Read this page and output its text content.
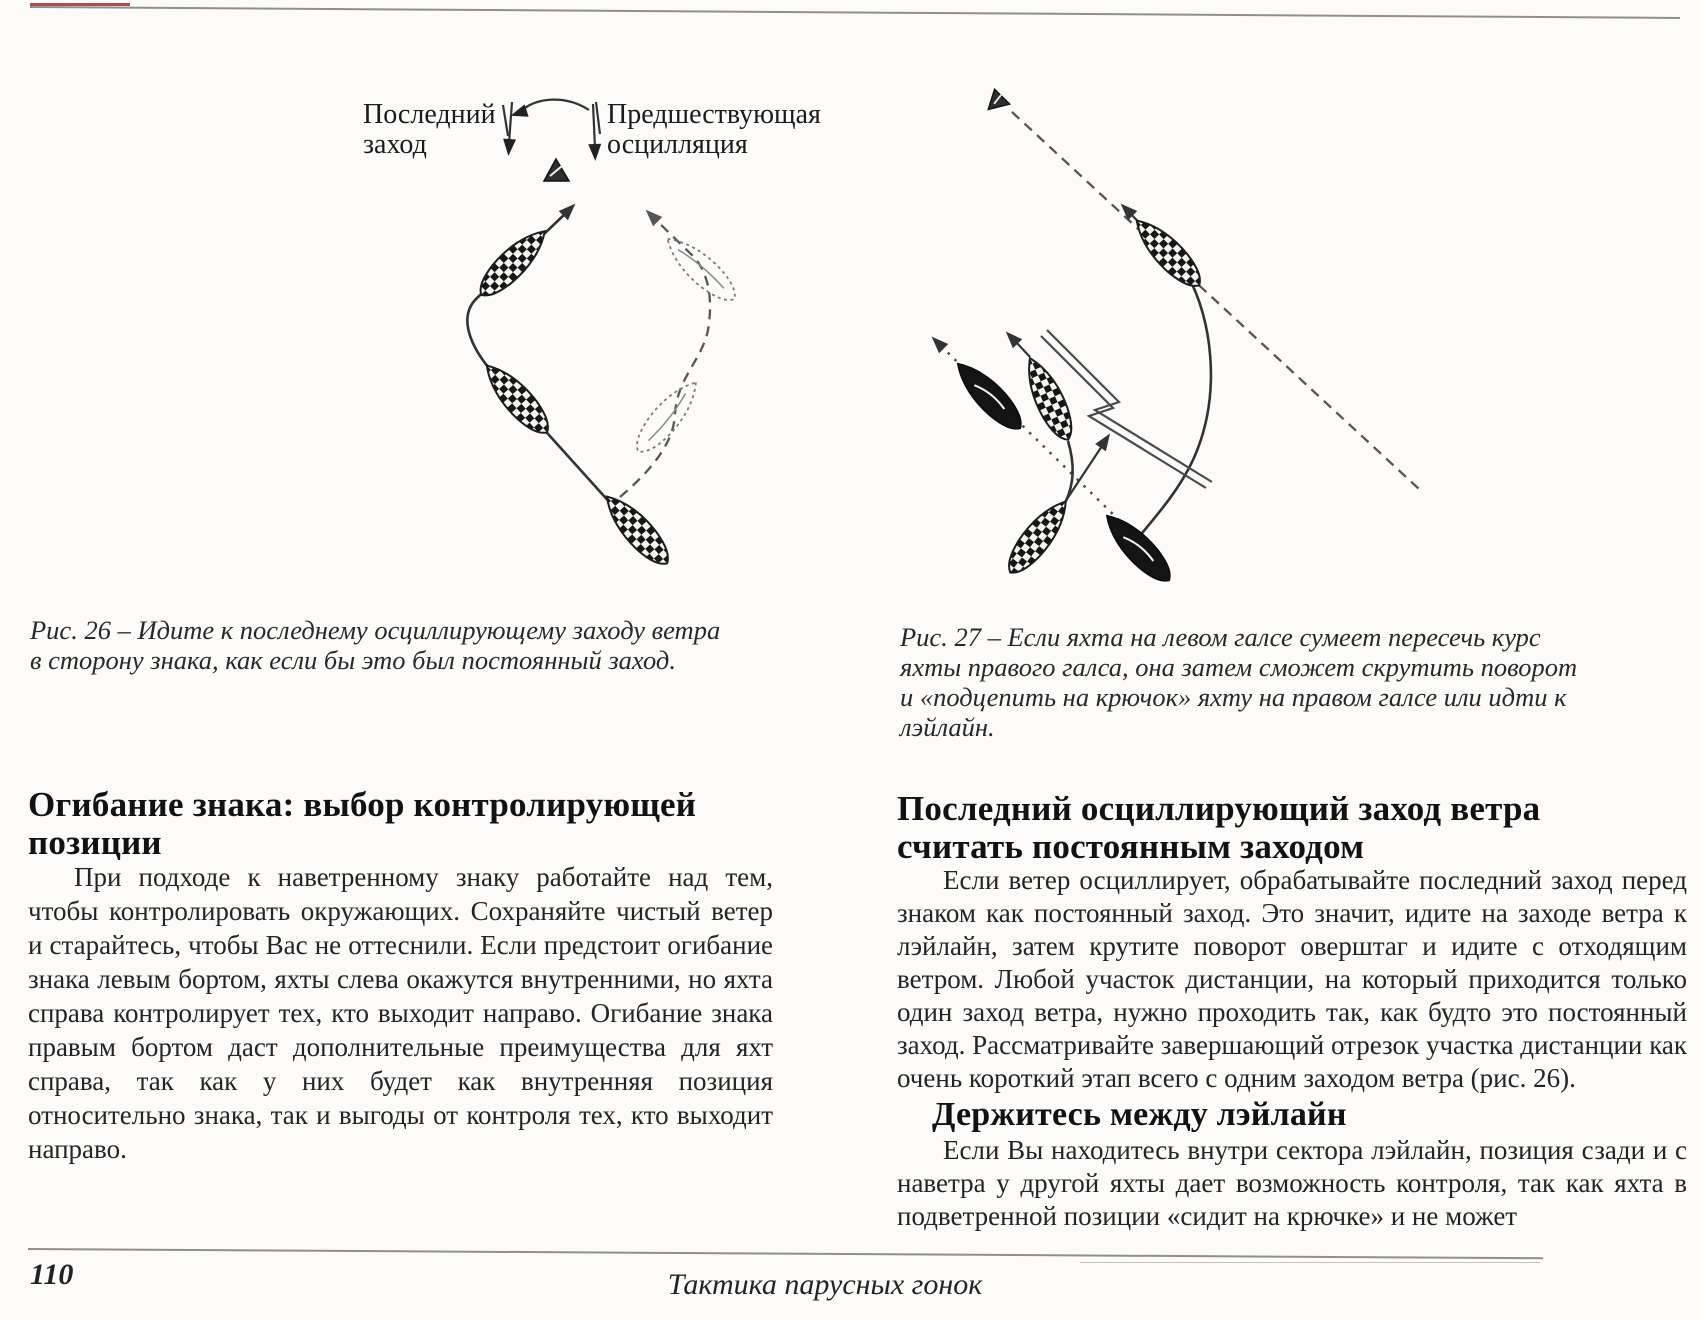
Последний
заход
Предшествующая
осцилляция
Рис. 26 – Идите к последнему осциллирующему заходу ветра в сторону знака, как если бы это был постоянный заход.
Рис. 27 – Если яхта на левом галсе сумеет пересечь курс яхты правого галса, она затем сможет скрутить поворот и «подцепить на крючок» яхту на правом галсе или идти к лэйлайн.
Огибание знака: выбор контролирующей позиции
При подходе к наветренному знаку работайте над тем, чтобы контролировать окружающих. Сохраняйте чистый ветер и старайтесь, чтобы Вас не оттеснили. Если предстоит огибание знака левым бортом, яхты слева окажутся внутренними, но яхта справа контролирует тех, кто выходит направо. Огибание знака правым бортом даст дополнительные преимущества для яхт справа, так как у них будет как внутренняя позиция относительно знака, так и выгоды от контроля тех, кто выходит направо.
Последний осциллирующий заход ветра считать постоянным заходом
Если ветер осциллирует, обрабатывайте последний заход перед знаком как постоянный заход. Это значит, идите на заходе ветра к лэйлайн, затем крутите поворот оверштаг и идите с отходящим ветром. Любой участок дистанции, на который приходится только один заход ветра, нужно проходить так, как будто это постоянный заход. Рассматривайте завершающий отрезок участка дистанции как очень короткий этап всего с одним заходом ветра (рис. 26).
Держитесь между лэйлайн
Если Вы находитесь внутри сектора лэйлайн, позиция сзади и с наветра у другой яхты дает возможность контроля, так как яхта в подветренной позиции «сидит на крючке» и не может
110	Тактика парусных гонок
